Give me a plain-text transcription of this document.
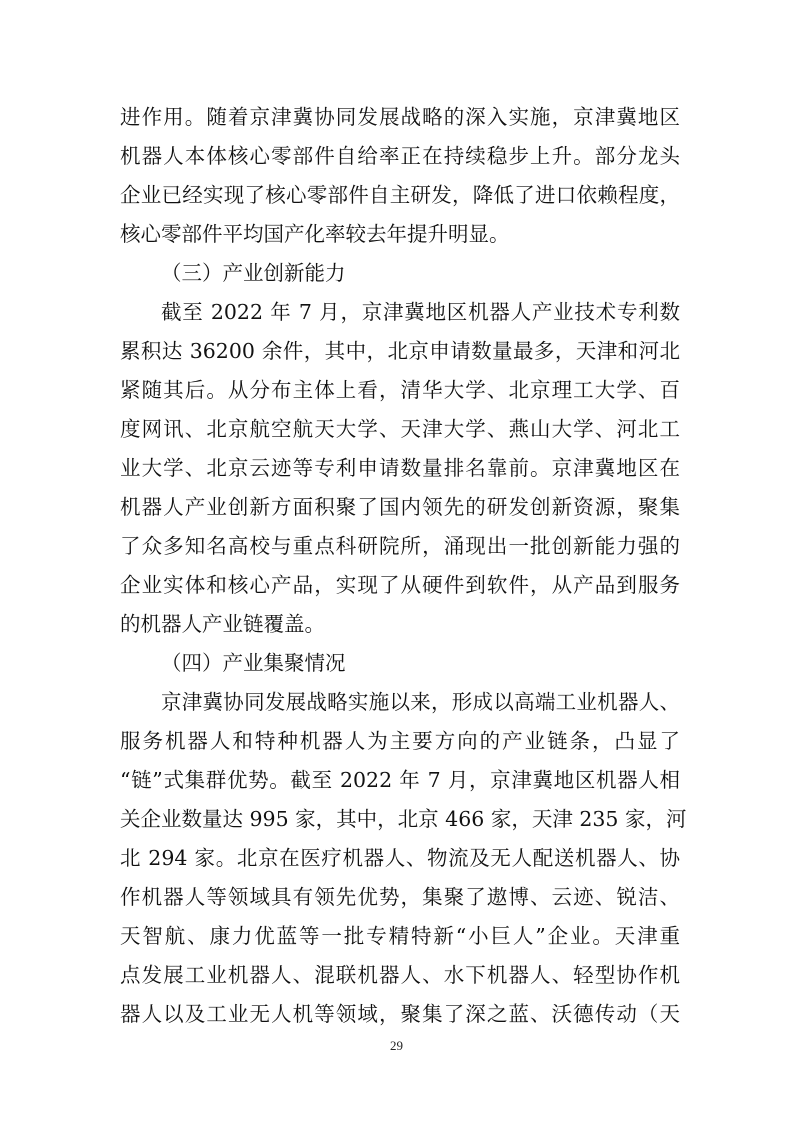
进作用。随着京津冀协同发展战略的深入实施，京津冀地区
机器人本体核心零部件自给率正在持续稳步上升。部分龙头
企业已经实现了核心零部件自主研发，降低了进口依赖程度，
核心零部件平均国产化率较去年提升明显。
（三）产业创新能力
截至 2022 年 7 月，京津冀地区机器人产业技术专利数
累积达 36200 余件，其中，北京申请数量最多，天津和河北
紧随其后。从分布主体上看，清华大学、北京理工大学、百
度网讯、北京航空航天大学、天津大学、燕山大学、河北工
业大学、北京云迹等专利申请数量排名靠前。京津冀地区在
机器人产业创新方面积聚了国内领先的研发创新资源，聚集
了众多知名高校与重点科研院所，涌现出一批创新能力强的
企业实体和核心产品，实现了从硬件到软件，从产品到服务
的机器人产业链覆盖。
（四）产业集聚情况
京津冀协同发展战略实施以来，形成以高端工业机器人、
服务机器人和特种机器人为主要方向的产业链条，凸显了
“链”式集群优势。截至 2022 年 7 月，京津冀地区机器人相
关企业数量达 995 家，其中，北京 466 家，天津 235 家，河
北 294 家。北京在医疗机器人、物流及无人配送机器人、协
作机器人等领域具有领先优势，集聚了遨博、云迹、锐洁、
天智航、康力优蓝等一批专精特新“小巨人”企业。天津重
点发展工业机器人、混联机器人、水下机器人、轻型协作机
器人以及工业无人机等领域，聚集了深之蓝、沃德传动（天
29
